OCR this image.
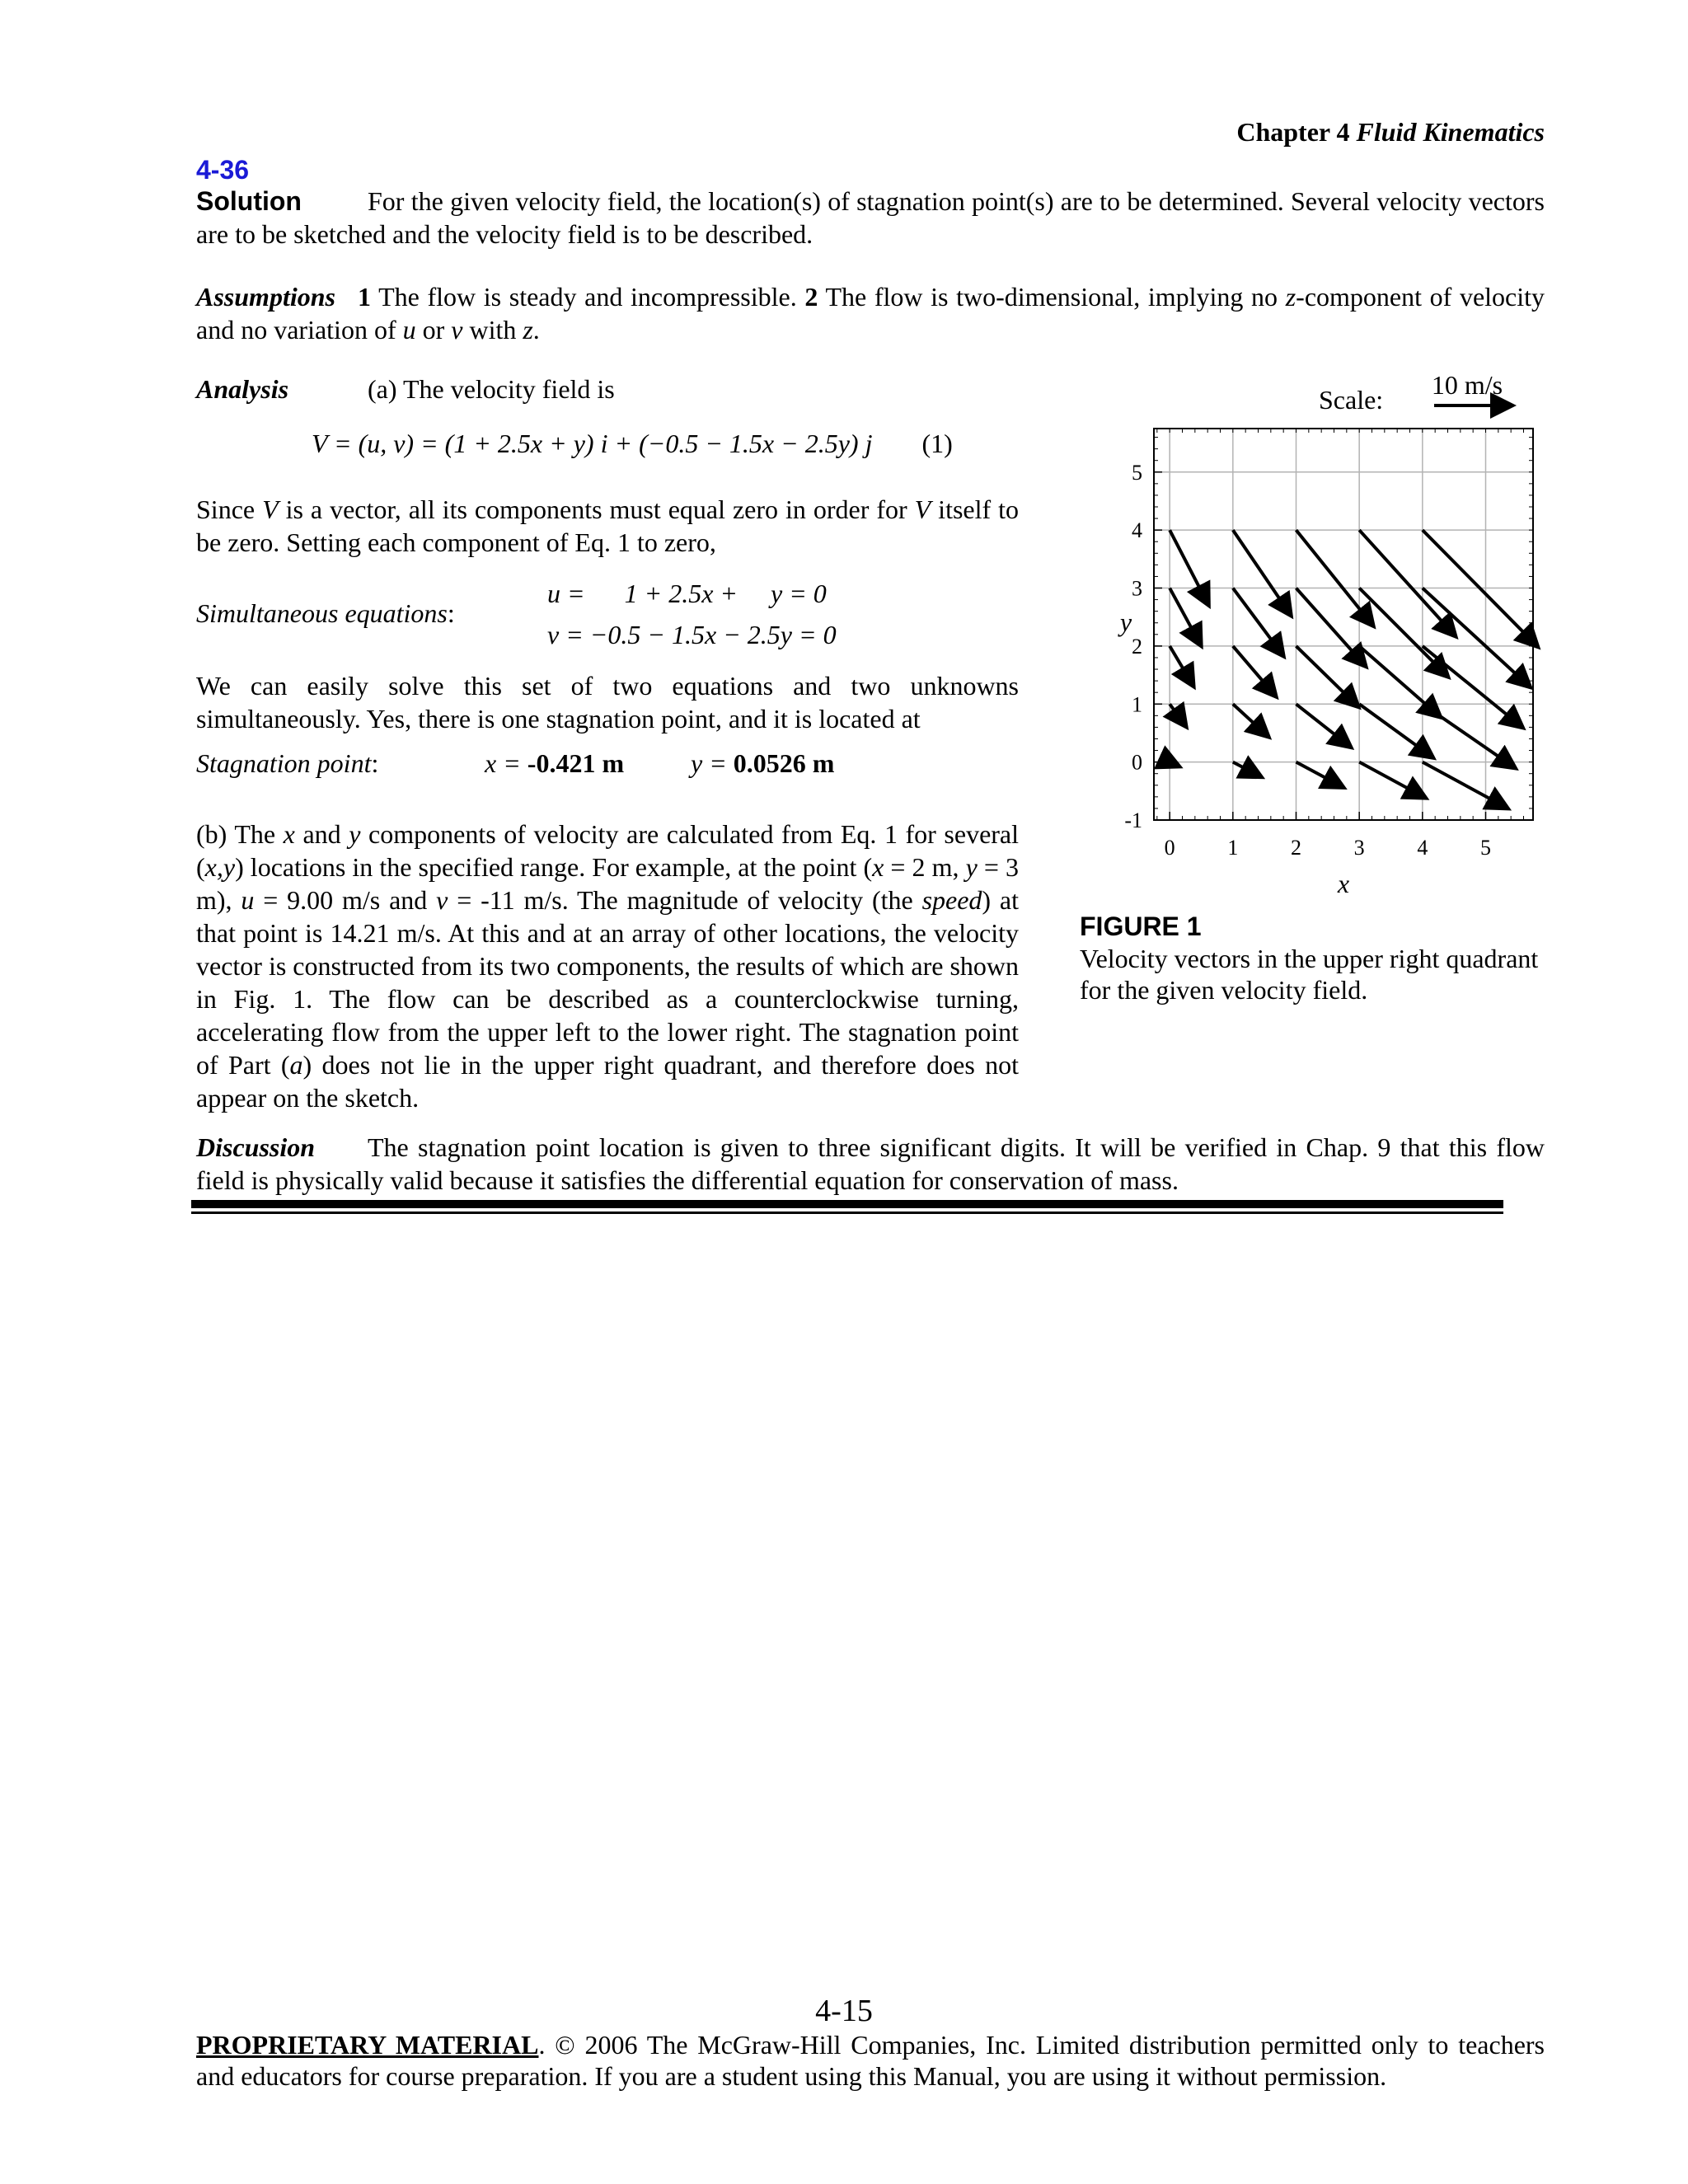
Chapter 4 Fluid Kinematics
4-36
Solution	For the given velocity field, the location(s) of stagnation point(s) are to be determined. Several velocity vectors are to be sketched and the velocity field is to be described.
Assumptions 1 The flow is steady and incompressible. 2 The flow is two-dimensional, implying no z-component of velocity and no variation of u or v with z.
Analysis	(a) The velocity field is
V = (u, v) = (1 + 2.5x + y) i + (−0.5 − 1.5x − 2.5y) j (1)
Since V is a vector, all its components must equal zero in order for V itself to be zero. Setting each component of Eq. 1 to zero,
Simultaneous equations:
u =      1 + 2.5x +     y = 0
v = −0.5 − 1.5x − 2.5y = 0
We can easily solve this set of two equations and two unknowns simultaneously. Yes, there is one stagnation point, and it is located at
Stagnation point:	x = -0.421 m	y = 0.0526 m
(b) The x and y components of velocity are calculated from Eq. 1 for several (x,y) locations in the specified range. For example, at the point (x = 2 m, y = 3 m), u = 9.00 m/s and v = -11 m/s. The magnitude of velocity (the speed) at that point is 14.21 m/s. At this and at an array of other locations, the velocity vector is constructed from its two components, the results of which are shown in Fig. 1. The flow can be described as a counterclockwise turning, accelerating flow from the upper left to the lower right. The stagnation point of Part (a) does not lie in the upper right quadrant, and therefore does not appear on the sketch.
Discussion The stagnation point location is given to three significant digits. It will be verified in Chap. 9 that this flow field is physically valid because it satisfies the differential equation for conservation of mass.
0 1 2 3 4 5
-1
0
1
2
3
4
5
Scale: 10 m/s
x
y
FIGURE 1
Velocity vectors in the upper right quadrant for the given velocity field.
4-15
PROPRIETARY MATERIAL. © 2006 The McGraw-Hill Companies, Inc. Limited distribution permitted only to teachers and educators for course preparation. If you are a student using this Manual, you are using it without permission.
